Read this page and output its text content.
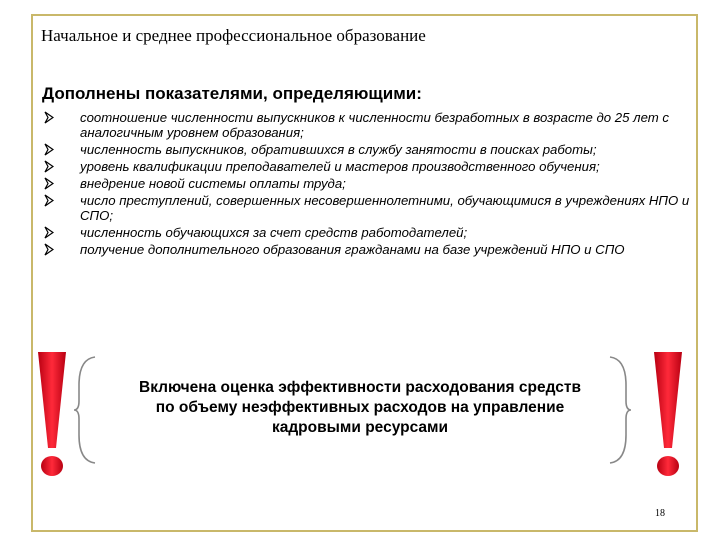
Начальное и среднее профессиональное образование
Дополнены показателями, определяющими:
соотношение численности выпускников к численности безработных в возрасте до 25 лет с аналогичным уровнем образования;
численность выпускников, обратившихся в службу занятости в поисках работы;
уровень квалификации преподавателей и мастеров производственного обучения;
внедрение новой системы оплаты труда;
число преступлений, совершенных несовершеннолетними, обучающимися в учреждениях НПО и СПО;
численность обучающихся за счет средств работодателей;
получение дополнительного образования гражданами на базе учреждений НПО и СПО
Включена оценка эффективности расходования средств
по объему неэффективных расходов на управление
кадровыми ресурсами
18
